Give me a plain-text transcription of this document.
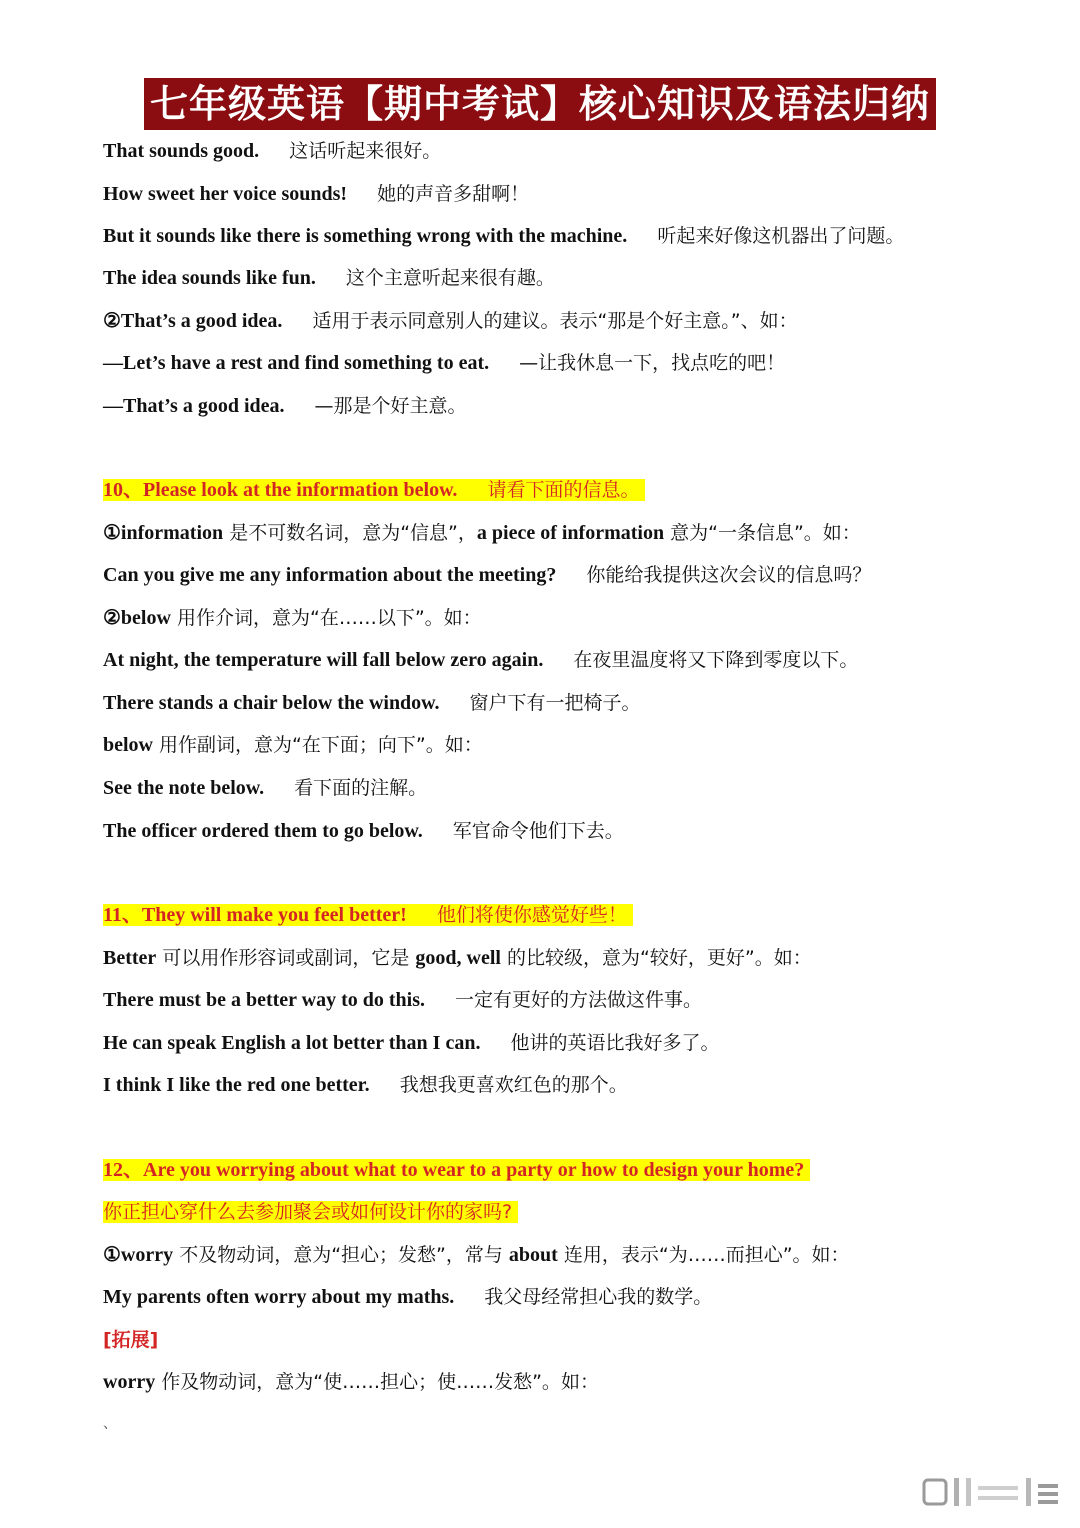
七年级英语【期中考试】核心知识及语法归纳
That sounds good. 这话听起来很好。
How sweet her voice sounds! 她的声音多甜啊！
But it sounds like there is something wrong with the machine. 听起来好像这机器出了问题。
The idea sounds like fun. 这个主意听起来很有趣。
②That’s a good idea. 适用于表示同意别人的建议。表示“那是个好主意。”、如：
—Let’s have a rest and find something to eat. —让我休息一下，找点吃的吧！
—That’s a good idea. —那是个好主意。
10、Please look at the information below. 请看下面的信息。
①information 是不可数名词，意为“信息”，a piece of information 意为“一条信息”。如：
Can you give me any information about the meeting? 你能给我提供这次会议的信息吗？
②below 用作介词，意为“在……以下”。如：
At night, the temperature will fall below zero again. 在夜里温度将又下降到零度以下。
There stands a chair below the window. 窗户下有一把椅子。
below 用作副词，意为“在下面；向下”。如：
See the note below. 看下面的注解。
The officer ordered them to go below. 军官命令他们下去。
11、They will make you feel better! 他们将使你感觉好些！
Better 可以用作形容词或副词，它是 good, well 的比较级，意为“较好，更好”。如：
There must be a better way to do this. 一定有更好的方法做这件事。
He can speak English a lot better than I can. 他讲的英语比我好多了。
I think I like the red one better. 我想我更喜欢红色的那个。
12、Are you worrying about what to wear to a party or how to design your home?
你正担心穿什么去参加聚会或如何设计你的家吗?
①worry 不及物动词，意为“担心；发愁”，常与 about 连用，表示“为……而担心”。如：
My parents often worry about my maths. 我父母经常担心我的数学。
[拓展]
worry 作及物动词，意为“使……担心；使……发愁”。如：
、
